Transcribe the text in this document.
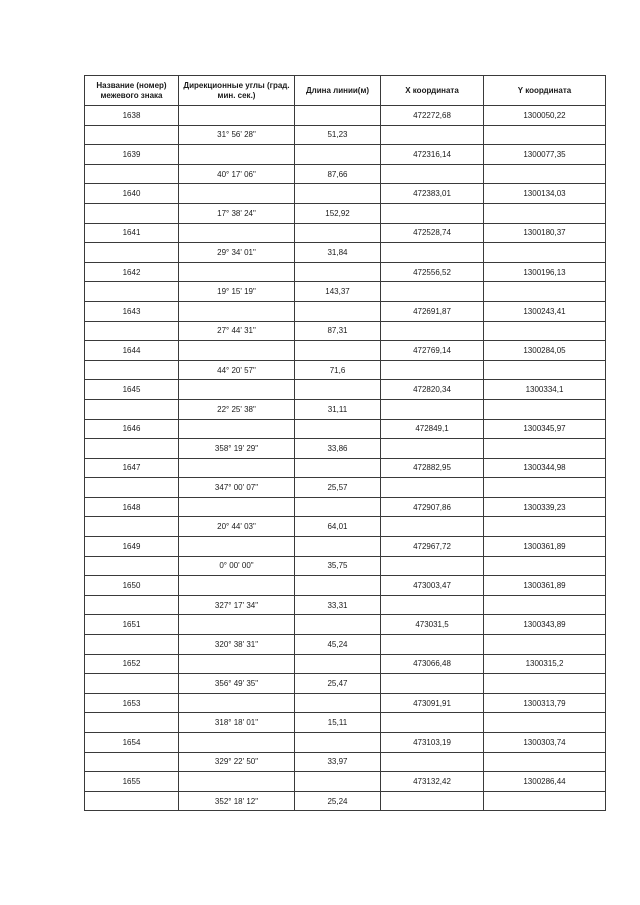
Название (номер) межевого знака	Дирекционные углы (град. мин. сек.)	Длина линии(м)	X координата	Y координата
1638			472272,68	1300050,22
	31° 56' 28"	51,23		
1639			472316,14	1300077,35
	40° 17' 06"	87,66		
1640			472383,01	1300134,03
	17° 38' 24"	152,92		
1641			472528,74	1300180,37
	29° 34' 01"	31,84		
1642			472556,52	1300196,13
	19° 15' 19"	143,37		
1643			472691,87	1300243,41
	27° 44' 31"	87,31		
1644			472769,14	1300284,05
	44° 20' 57"	71,6		
1645			472820,34	1300334,1
	22° 25' 38"	31,11		
1646			472849,1	1300345,97
	358° 19' 29"	33,86		
1647			472882,95	1300344,98
	347° 00' 07"	25,57		
1648			472907,86	1300339,23
	20° 44' 03"	64,01		
1649			472967,72	1300361,89
	0° 00' 00"	35,75		
1650			473003,47	1300361,89
	327° 17' 34"	33,31		
1651			473031,5	1300343,89
	320° 38' 31"	45,24		
1652			473066,48	1300315,2
	356° 49' 35"	25,47		
1653			473091,91	1300313,79
	318° 18' 01"	15,11		
1654			473103,19	1300303,74
	329° 22' 50"	33,97		
1655			473132,42	1300286,44
	352° 18' 12"	25,24		
